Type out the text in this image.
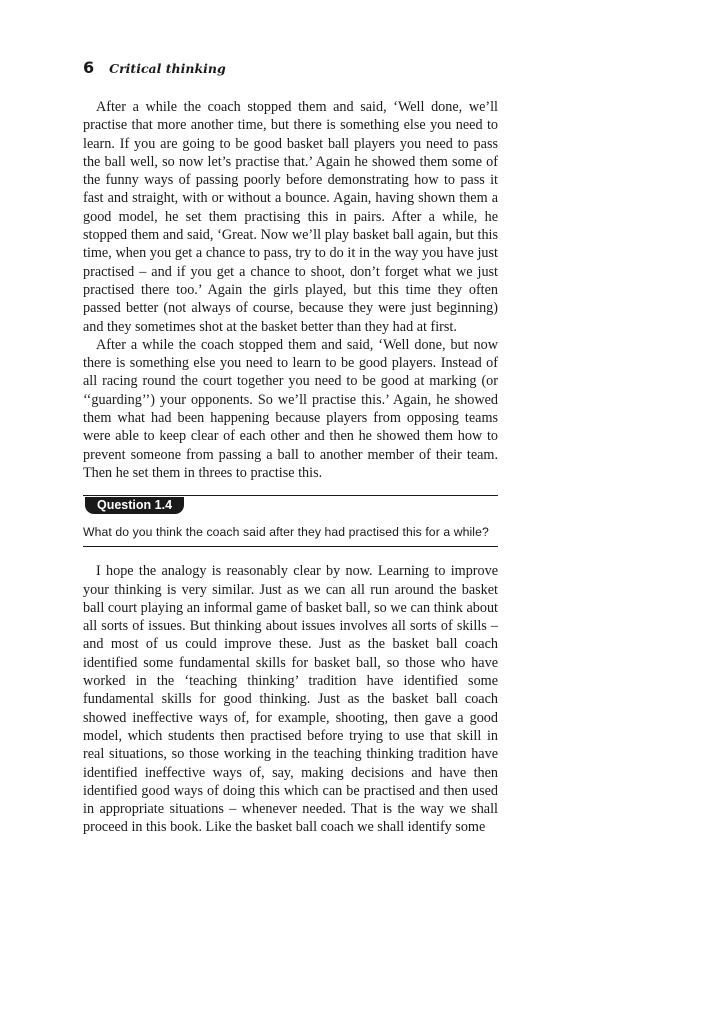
6 Critical thinking

After a while the coach stopped them and said, ‘Well done, we’ll practise that more another time, but there is something else you need to learn. If you are going to be good basket ball players you need to pass the ball well, so now let’s practise that.’ Again he showed them some of the funny ways of passing poorly before demonstrating how to pass it fast and straight, with or without a bounce. Again, having shown them a good model, he set them practising this in pairs. After a while, he stopped them and said, ‘Great. Now we’ll play basket ball again, but this time, when you get a chance to pass, try to do it in the way you have just practised – and if you get a chance to shoot, don’t forget what we just practised there too.’ Again the girls played, but this time they often passed better (not always of course, because they were just beginning) and they sometimes shot at the basket better than they had at first.

After a while the coach stopped them and said, ‘Well done, but now there is something else you need to learn to be good players. Instead of all racing round the court together you need to be good at marking (or ‘‘guarding’’) your opponents. So we’ll practise this.’ Again, he showed them what had been happening because players from opposing teams were able to keep clear of each other and then he showed them how to prevent someone from passing a ball to another member of their team. Then he set them in threes to practise this.

Question 1.4
What do you think the coach said after they had practised this for a while?

I hope the analogy is reasonably clear by now. Learning to improve your thinking is very similar. Just as we can all run around the basket ball court playing an informal game of basket ball, so we can think about all sorts of issues. But thinking about issues involves all sorts of skills – and most of us could improve these. Just as the basket ball coach identified some fundamental skills for basket ball, so those who have worked in the ‘teaching thinking’ tradition have identified some fundamental skills for good thinking. Just as the basket ball coach showed ineffective ways of, for example, shooting, then gave a good model, which students then practised before trying to use that skill in real situations, so those working in the teaching thinking tradition have identified ineffective ways of, say, making decisions and have then identified good ways of doing this which can be practised and then used in appropriate situations – whenever needed. That is the way we shall proceed in this book. Like the basket ball coach we shall identify some
